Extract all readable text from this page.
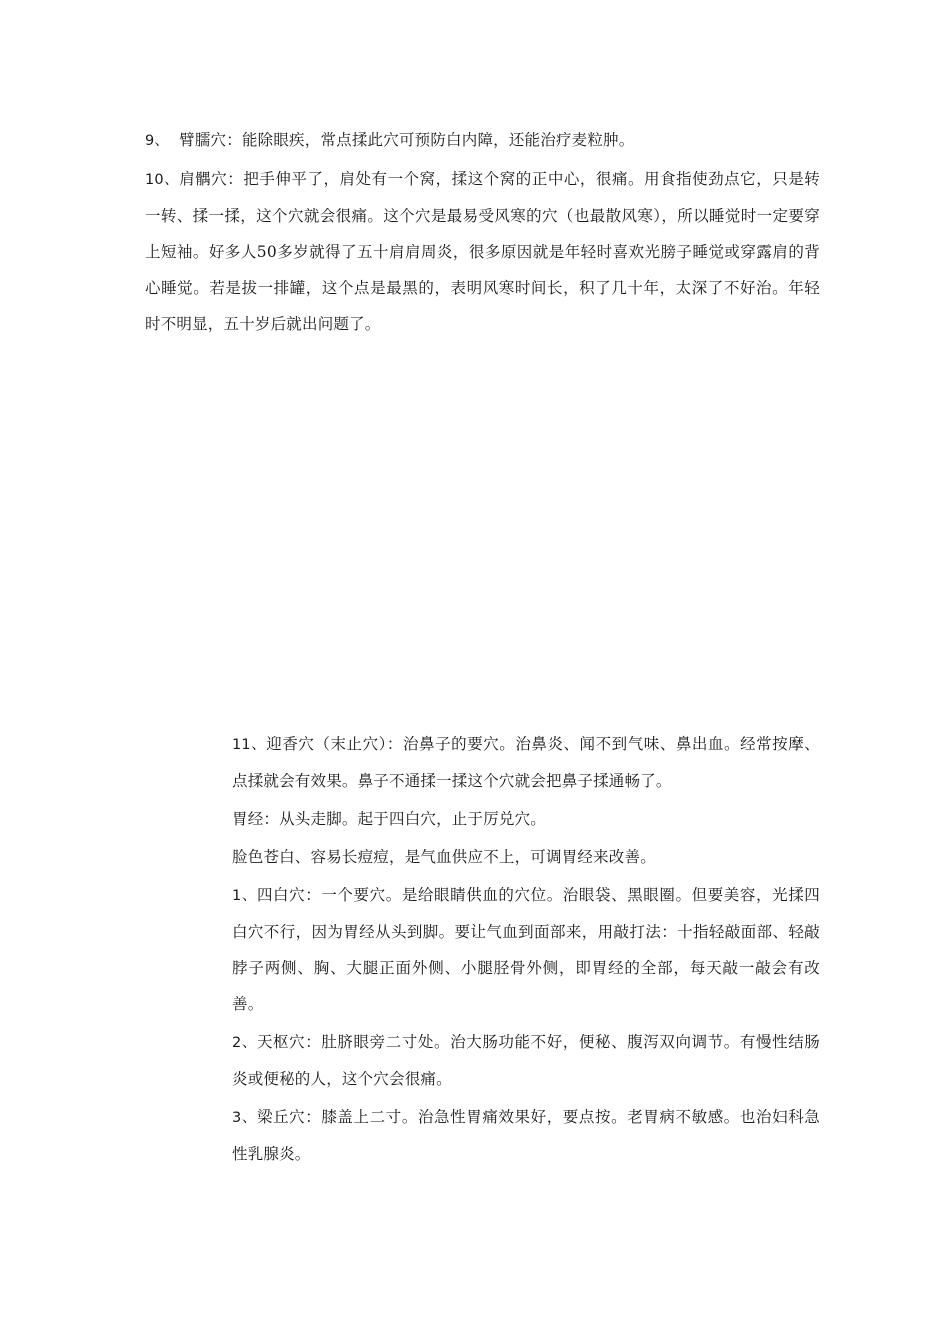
9、 臂臑穴：能除眼疾，常点揉此穴可预防白内障，还能治疗麦粒肿。

10、肩髃穴：把手伸平了，肩处有一个窝，揉这个窝的正中心，很痛。用食指使劲点它，只是转一转、揉一揉，这个穴就会很痛。这个穴是最易受风寒的穴（也最散风寒），所以睡觉时一定要穿上短袖。好多人50多岁就得了五十肩肩周炎，很多原因就是年轻时喜欢光膀子睡觉或穿露肩的背心睡觉。若是拔一排罐，这个点是最黑的，表明风寒时间长，积了几十年，太深了不好治。年轻时不明显，五十岁后就出问题了。

11、迎香穴（末止穴）：治鼻子的要穴。治鼻炎、闻不到气味、鼻出血。经常按摩、点揉就会有效果。鼻子不通揉一揉这个穴就会把鼻子揉通畅了。

胃经：从头走脚。起于四白穴，止于厉兑穴。

脸色苍白、容易长痘痘，是气血供应不上，可调胃经来改善。

1、四白穴：一个要穴。是给眼睛供血的穴位。治眼袋、黑眼圈。但要美容，光揉四白穴不行，因为胃经从头到脚。要让气血到面部来，用敲打法：十指轻敲面部、轻敲脖子两侧、胸、大腿正面外侧、小腿胫骨外侧，即胃经的全部，每天敲一敲会有改善。

2、天枢穴：肚脐眼旁二寸处。治大肠功能不好，便秘、腹泻双向调节。有慢性结肠炎或便秘的人，这个穴会很痛。

3、梁丘穴：膝盖上二寸。治急性胃痛效果好，要点按。老胃病不敏感。也治妇科急性乳腺炎。
